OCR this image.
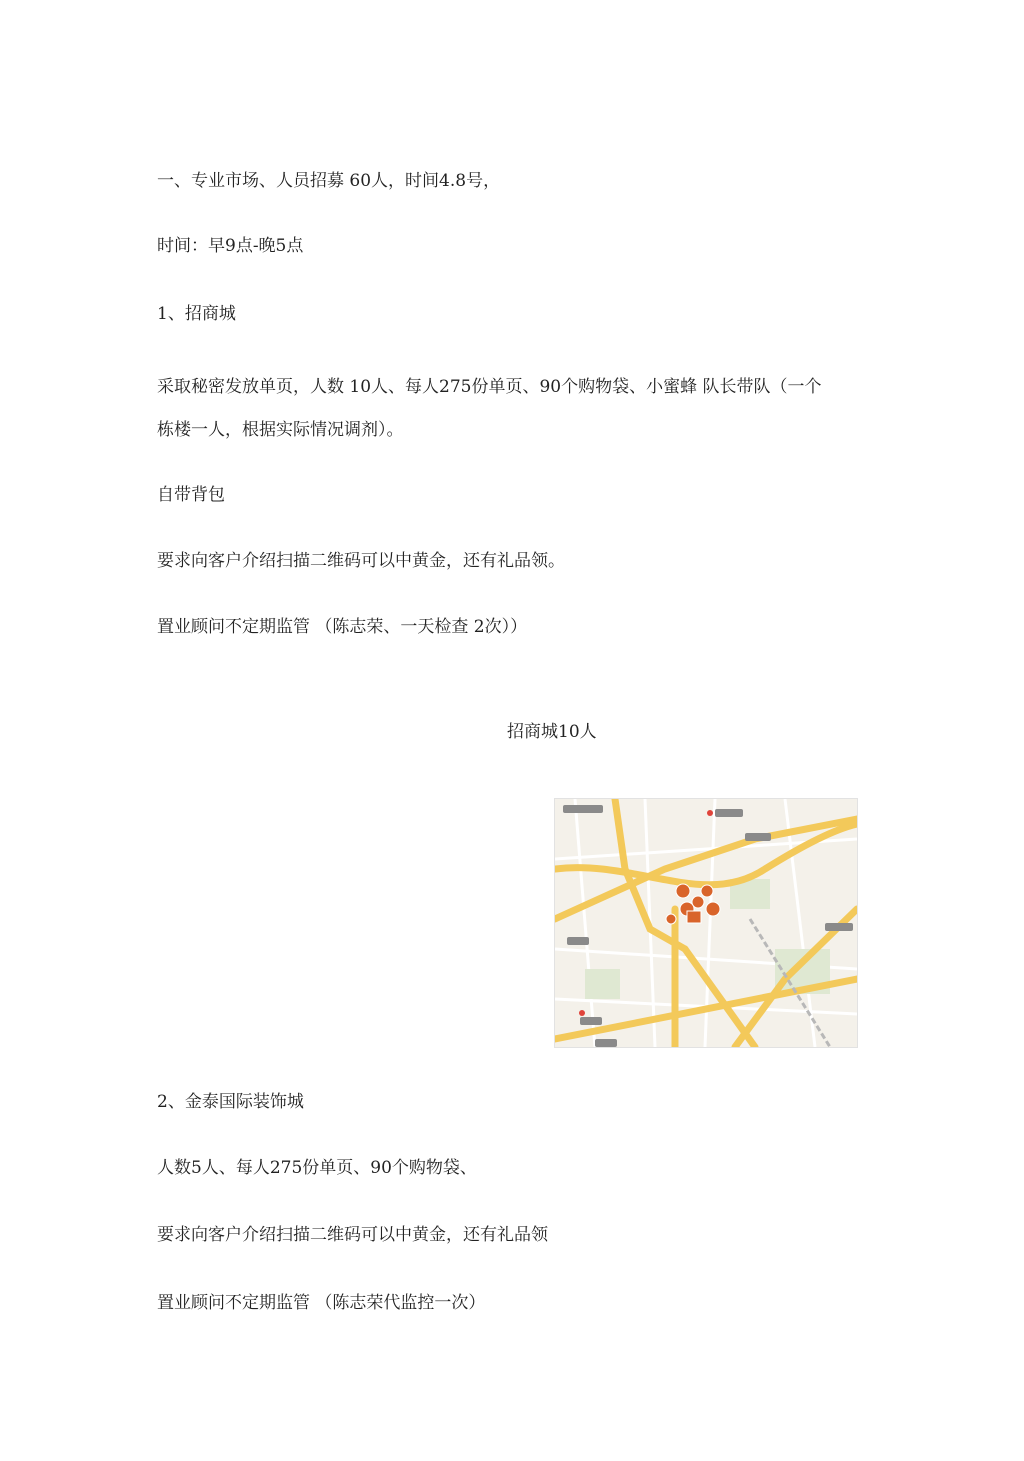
一、专业市场、人员招募 60人，时间4.8号，
时间：早9点-晚5点
1、招商城
采取秘密发放单页，人数 10人、每人275份单页、90个购物袋、小蜜蜂 队长带队（一个
栋楼一人，根据实际情况调剂）。
自带背包
要求向客户介绍扫描二维码可以中黄金，还有礼品领。
置业顾问不定期监管 （陈志荣、一天检查 2次））
招商城10人
2、金泰国际装饰城
人数5人、每人275份单页、90个购物袋、
要求向客户介绍扫描二维码可以中黄金，还有礼品领
置业顾问不定期监管 （陈志荣代监控一次）
